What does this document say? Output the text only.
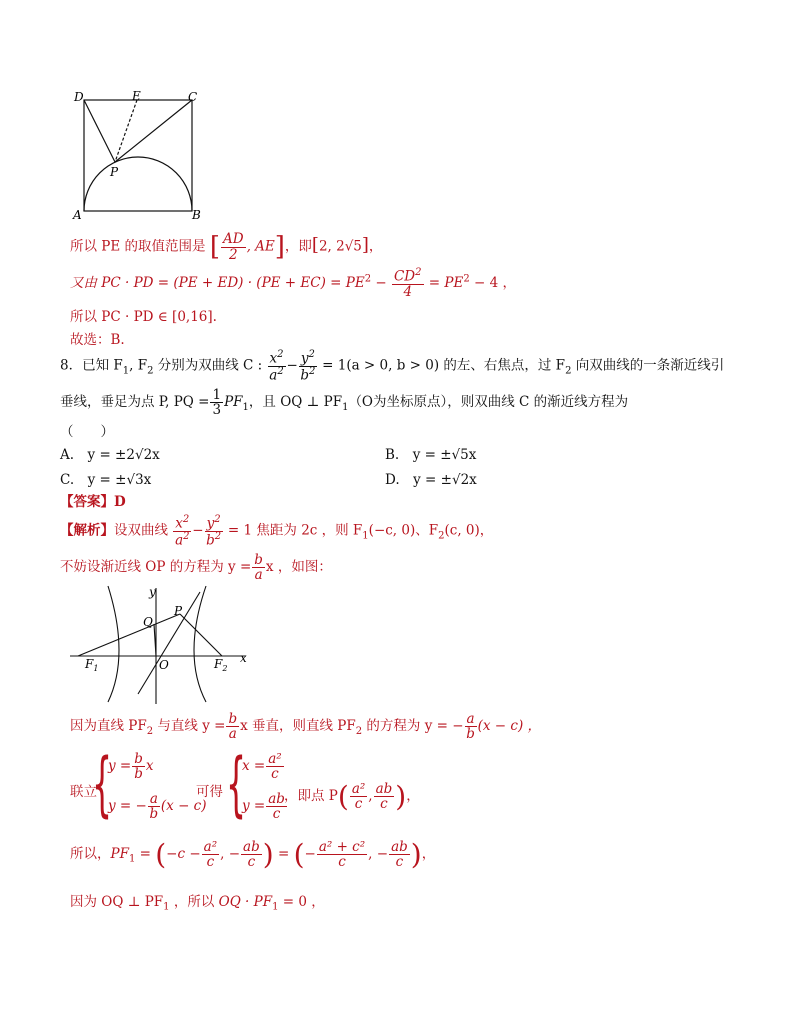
D	E	C
P
A	B
所以 PE 的取值范围是 [ $\frac{AD}{2}$ , AE]，即[2, 2√5]，
又由 PC · PD = $(PE + ED) \cdot (PE + EC) = PE^2 - \frac{CD^2}{4} = PE^2 - 4$ ，
所以 PC · PD ∈ [0,16].
故选：B.
8．已知 $F_1$, $F_2$ 分别为双曲线 C : $\frac{x^2}{a^2} - \frac{y^2}{b^2} = 1(a > 0$, b > 0) 的左、右焦点，过 $F_2$ 向双曲线的一条渐近线引
垂线，垂足为点 P, PQ = $\frac{1}{3} PF_1$，且 OQ ⊥ $PF_1(O$为坐标原点），则双曲线 C 的渐近线方程为
（　　）
A.　y = ±2√2x	B.　y = ±√5x
C.　y = ±√3x	D.　y = ±√2x
【答案】D
【解析】设双曲线 $\frac{x^2}{a^2} - \frac{y^2}{b^2} = 1$ 焦距为 2c ，则 $F_1(-c$, 0)、$F_2(c$, 0)，
不妨设渐近线 OP 的方程为 $y = \frac{b}{a}$ x ，如图：
y
x
P
Q
O
$F_1$	$F_2$
因为直线 $PF_2$ 与直线 $y = \frac{b}{a}$ x 垂直，则直线 $PF_2$ 的方程为 y = − $\frac{a}{b} (x - c)$ ，
联立
{
$y = \frac{b}{b}$ x
y = − $\frac{a}{b} (x - c)$
可得 {
$x = \frac{\text{a²}}{c}$
$y = \frac{ab}{c}$
，即点 $P( \frac{\text{a²}}{c}$ , $\frac{ab}{c}$ )，
所以，$PF_1 = (-c - \frac{\text{a²}}{c}$ , − $\frac{ab}{c}$ ) = (− $\frac{\text{a² + c²}}{c}$ , − $\frac{ab}{c}$ )，
因为 OQ ⊥ $PF_1$ ，所以 OQ · $PF_1 = 0$ ，
